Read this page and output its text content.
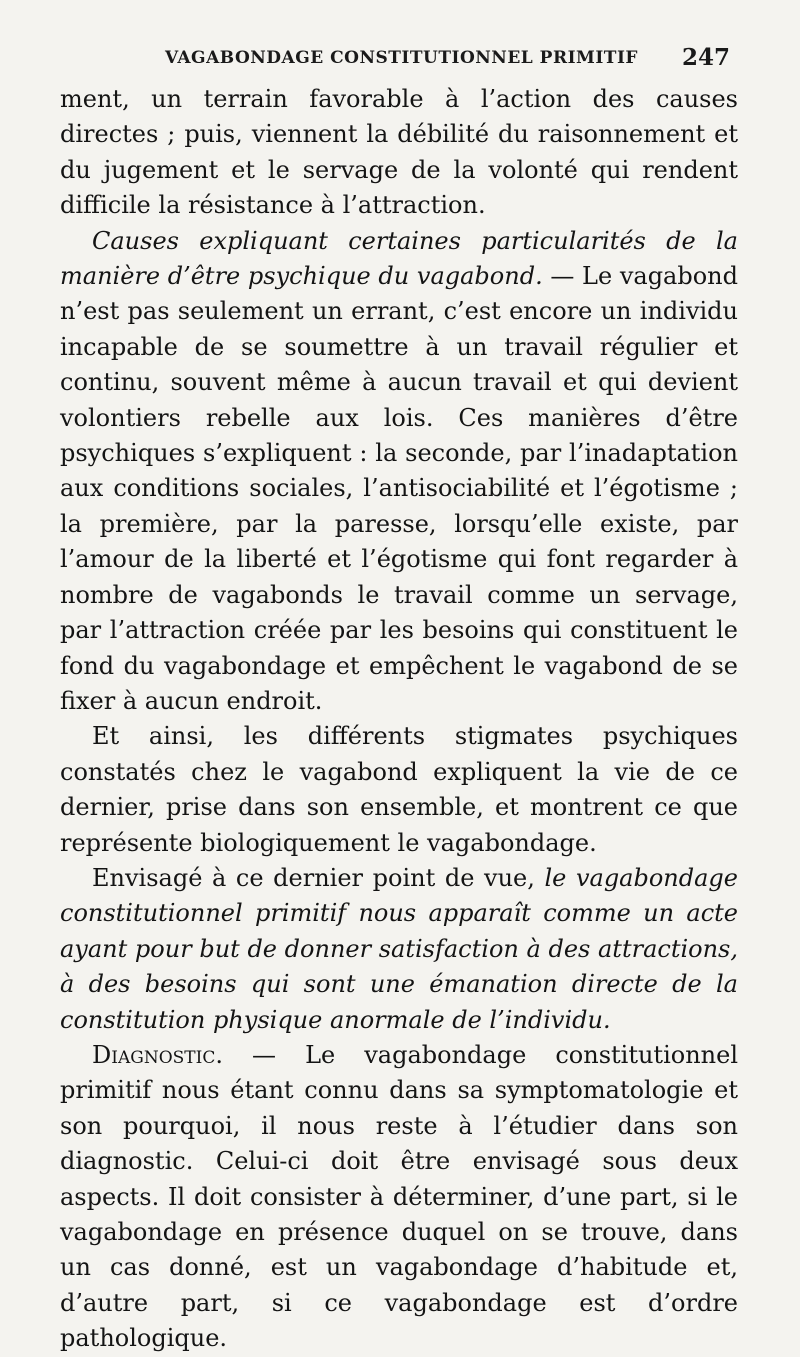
VAGABONDAGE CONSTITUTIONNEL PRIMITIF 247

ment, un terrain favorable à l’action des causes directes ; puis, viennent la débilité du raisonnement et du jugement et le servage de la volonté qui rendent difficile la résistance à l’attraction.

Causes expliquant certaines particularités de la manière d’être psychique du vagabond. — Le vagabond n’est pas seulement un errant, c’est encore un individu incapable de se soumettre à un travail régulier et continu, souvent même à aucun travail et qui devient volontiers rebelle aux lois. Ces manières d’être psychiques s’expliquent : la seconde, par l’inadaptation aux conditions sociales, l’antisociabilité et l’égotisme ; la première, par la paresse, lorsqu’elle existe, par l’amour de la liberté et l’égotisme qui font regarder à nombre de vagabonds le travail comme un servage, par l’attraction créée par les besoins qui constituent le fond du vagabondage et empêchent le vagabond de se fixer à aucun endroit.

Et ainsi, les différents stigmates psychiques constatés chez le vagabond expliquent la vie de ce dernier, prise dans son ensemble, et montrent ce que représente biologiquement le vagabondage.

Envisagé à ce dernier point de vue, le vagabondage constitutionnel primitif nous apparaît comme un acte ayant pour but de donner satisfaction à des attractions, à des besoins qui sont une émanation directe de la constitution physique anormale de l’individu.

Diagnostic. — Le vagabondage constitutionnel primitif nous étant connu dans sa symptomatologie et son pourquoi, il nous reste à l’étudier dans son diagnostic. Celui-ci doit être envisagé sous deux aspects. Il doit consister à déterminer, d’une part, si le vagabondage en présence duquel on se trouve, dans un cas donné, est un vagabondage d’habitude et, d’autre part, si ce vagabondage est d’ordre pathologique.
